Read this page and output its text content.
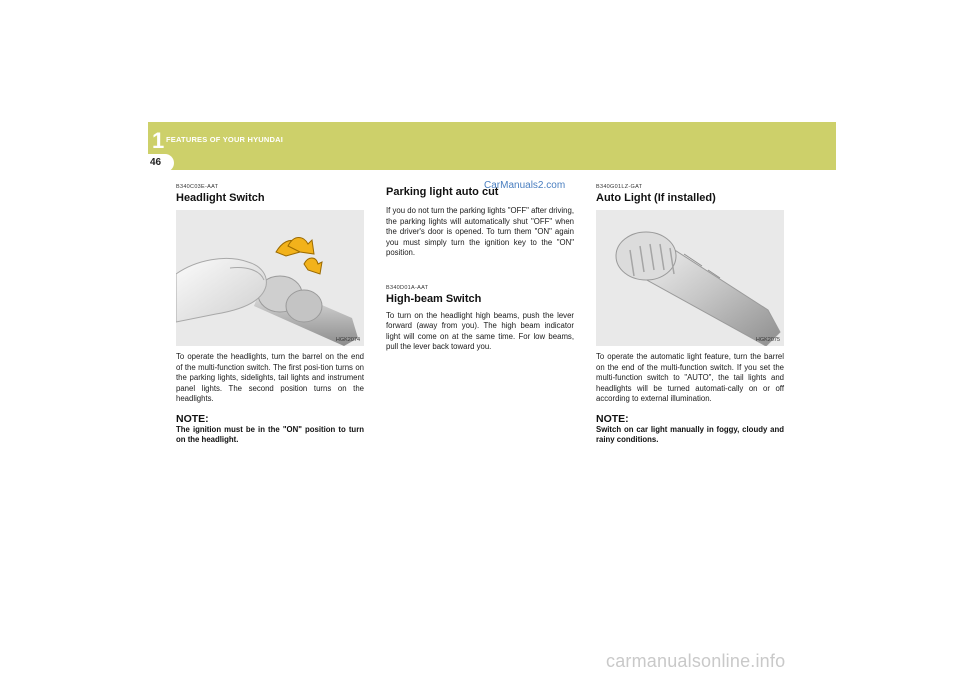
1 FEATURES OF YOUR HYUNDAI
46
CarManuals2.com
B340C03E-AAT
Headlight Switch
HGK2074
To operate the headlights, turn the barrel on the end of the multi-function switch. The first posi-tion turns on the parking lights, sidelights, tail lights and instrument panel lights. The second position turns on the headlights.
NOTE:
The ignition must be in the "ON" position to turn on the headlight.
Parking light auto cut
If you do not turn the parking lights "OFF" after driving, the parking lights will automatically shut "OFF" when the driver's door is opened. To turn them "ON" again you must simply turn the ignition key to the "ON" position.
B340D01A-AAT
High-beam Switch
To turn on the headlight high beams, push the lever forward (away from you). The high beam indicator light will come on at the same time. For low beams, pull the lever back toward you.
B340G01LZ-GAT
Auto Light (If installed)
HGK2075
To operate the automatic light feature, turn the barrel on the end of the multi-function switch. If you set the multi-function switch to "AUTO", the tail lights and headlights will be turned automati-cally on or off according to external illumination.
NOTE:
Switch on car light manually in foggy, cloudy and rainy conditions.
carmanualsonline.info
